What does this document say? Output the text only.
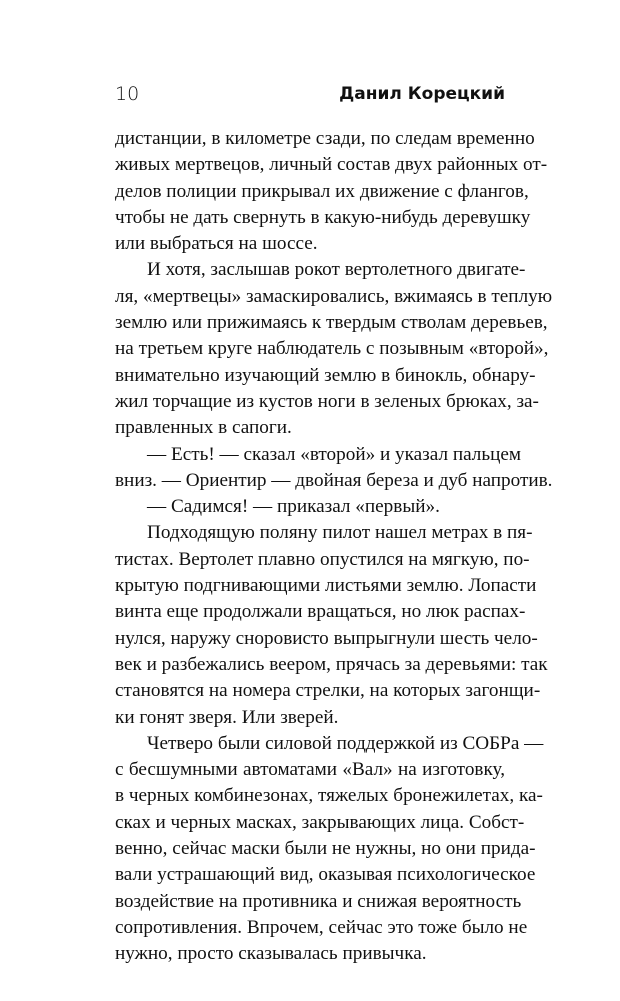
10	Данил Корецкий
дистанции, в километре сзади, по следам временно
живых мертвецов, личный состав двух районных от-
делов полиции прикрывал их движение с флангов,
чтобы не дать свернуть в какую-нибудь деревушку
или выбраться на шоссе.
И хотя, заслышав рокот вертолетного двигате-
ля, «мертвецы» замаскировались, вжимаясь в теплую
землю или прижимаясь к твердым стволам деревьев,
на третьем круге наблюдатель с позывным «второй»,
внимательно изучающий землю в бинокль, обнару-
жил торчащие из кустов ноги в зеленых брюках, за-
правленных в сапоги.
— Есть! — сказал «второй» и указал пальцем
вниз. — Ориентир — двойная береза и дуб напротив.
— Садимся! — приказал «первый».
Подходящую поляну пилот нашел метрах в пя-
тистах. Вертолет плавно опустился на мягкую, по-
крытую подгнивающими листьями землю. Лопасти
винта еще продолжали вращаться, но люк распах-
нулся, наружу сноровисто выпрыгнули шесть чело-
век и разбежались веером, прячась за деревьями: так
становятся на номера стрелки, на которых загонщи-
ки гонят зверя. Или зверей.
Четверо были силовой поддержкой из СОБРа —
с бесшумными автоматами «Вал» на изготовку,
в черных комбинезонах, тяжелых бронежилетах, ка-
сках и черных масках, закрывающих лица. Собст-
венно, сейчас маски были не нужны, но они прида-
вали устрашающий вид, оказывая психологическое
воздействие на противника и снижая вероятность
сопротивления. Впрочем, сейчас это тоже было не
нужно, просто сказывалась привычка.
